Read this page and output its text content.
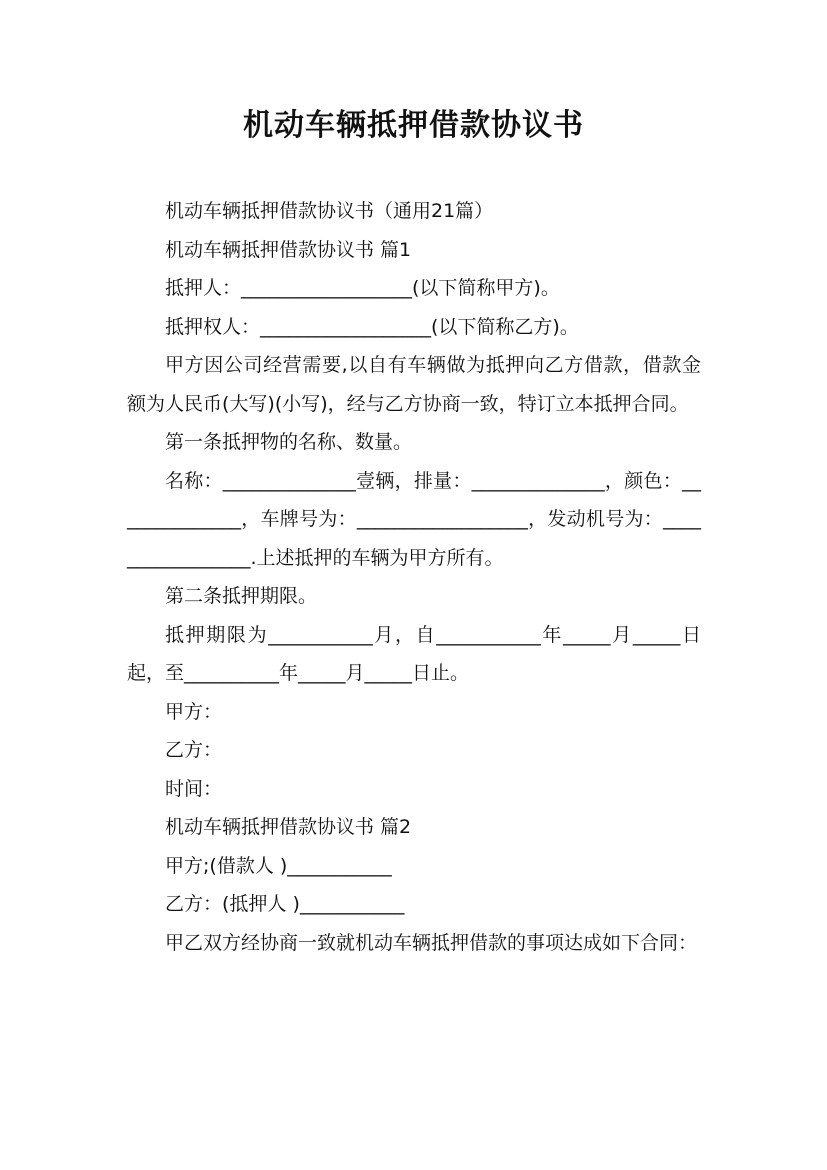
机动车辆抵押借款协议书

机动车辆抵押借款协议书（通用21篇）

机动车辆抵押借款协议书 篇1

抵押人：__________________(以下简称甲方)。

抵押权人：__________________(以下简称乙方)。

甲方因公司经营需要,以自有车辆做为抵押向乙方借款，借款金额为人民币(大写)(小写)，经与乙方协商一致，特订立本抵押合同。

第一条抵押物的名称、数量。

名称：______________壹辆，排量：______________，颜色：______________，车牌号为：__________________，发动机号为：_________________.上述抵押的车辆为甲方所有。

第二条抵押期限。

抵押期限为___________月，自___________年_____月_____日起，至__________年_____月_____日止。

甲方：

乙方：

时间：

机动车辆抵押借款协议书 篇2

甲方;(借款人 )___________

乙方：(抵押人 )___________

甲乙双方经协商一致就机动车辆抵押借款的事项达成如下合同：
